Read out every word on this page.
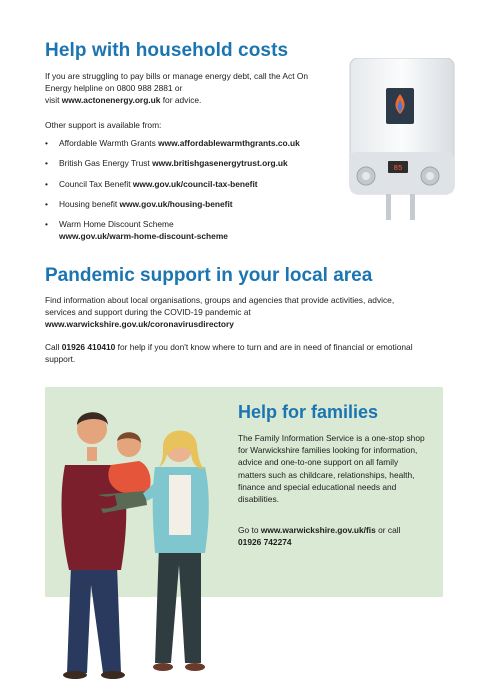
Help with household costs
If you are struggling to pay bills or manage energy debt, call the Act On
Energy helpline on 0800 988 2881 or
visit www.actonenergy.org.uk for advice.
Other support is available from:
• Affordable Warmth Grants www.affordablewarmthgrants.co.uk
• British Gas Energy Trust www.britishgasenergytrust.org.uk
• Council Tax Benefit www.gov.uk/council-tax-benefit
• Housing benefit www.gov.uk/housing-benefit
• Warm Home Discount Scheme
www.gov.uk/warm-home-discount-scheme
85
Pandemic support in your local area
Find information about local organisations, groups and agencies that provide activities, advice,
services and support during the COVID-19 pandemic at
www.warwickshire.gov.uk/coronavirusdirectory
Call 01926 410410 for help if you don't know where to turn and are in need of financial or emotional support.
Help for families
The Family Information Service is a one-stop shop for Warwickshire families looking for information, advice and one-to-one support on all family matters such as childcare, relationships, health, finance and special educational needs and disabilities.
Go to www.warwickshire.gov.uk/fis or call
01926 742274
